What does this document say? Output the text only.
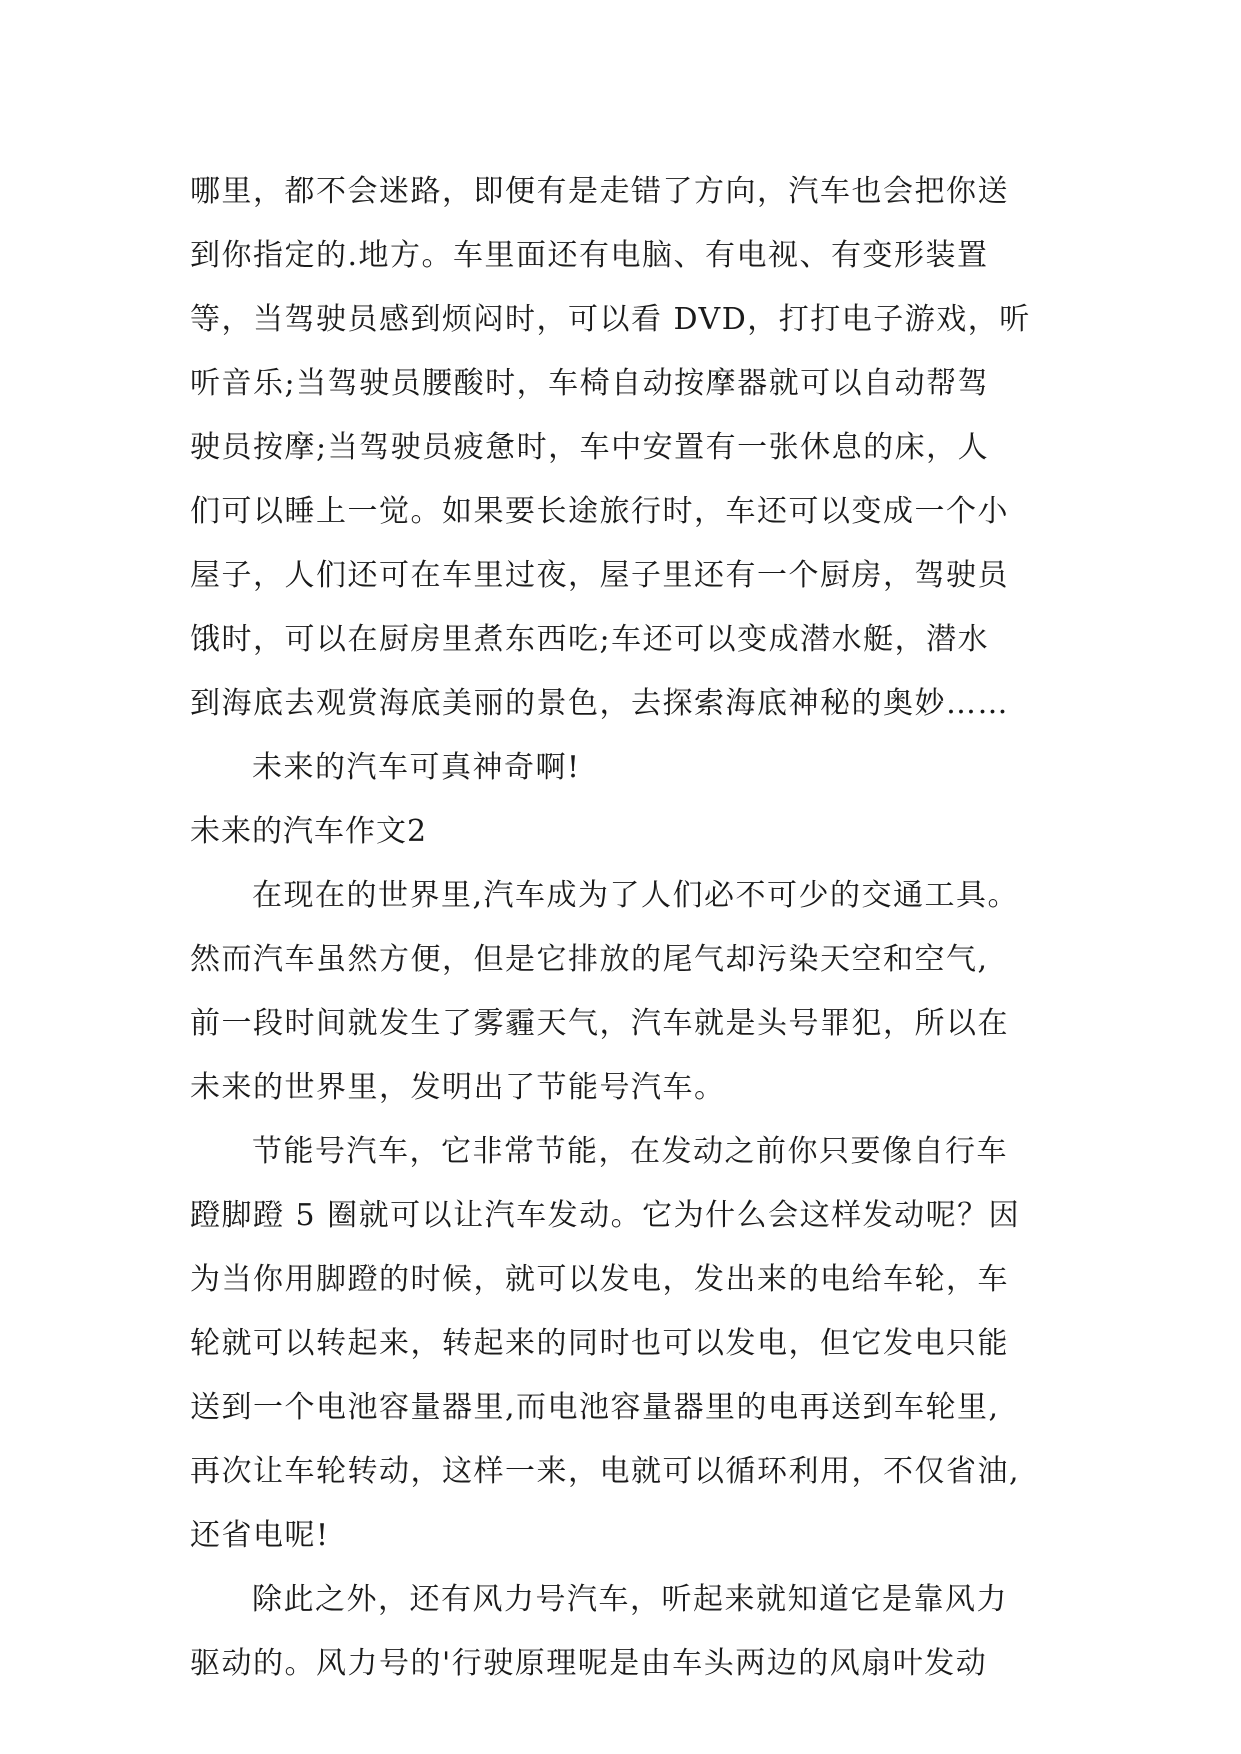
哪里，都不会迷路，即便有是走错了方向，汽车也会把你送
到你指定的.地方。车里面还有电脑、有电视、有变形装置
等，当驾驶员感到烦闷时，可以看 DVD，打打电子游戏，听
听音乐;当驾驶员腰酸时，车椅自动按摩器就可以自动帮驾
驶员按摩;当驾驶员疲惫时，车中安置有一张休息的床，人
们可以睡上一觉。如果要长途旅行时，车还可以变成一个小
屋子，人们还可在车里过夜，屋子里还有一个厨房，驾驶员
饿时，可以在厨房里煮东西吃;车还可以变成潜水艇，潜水
到海底去观赏海底美丽的景色，去探索海底神秘的奥妙……
未来的汽车可真神奇啊!
未来的汽车作文2
在现在的世界里,汽车成为了人们必不可少的交通工具。
然而汽车虽然方便，但是它排放的尾气却污染天空和空气,
前一段时间就发生了雾霾天气，汽车就是头号罪犯，所以在
未来的世界里，发明出了节能号汽车。
节能号汽车，它非常节能，在发动之前你只要像自行车
蹬脚蹬 5 圈就可以让汽车发动。它为什么会这样发动呢？因
为当你用脚蹬的时候，就可以发电，发出来的电给车轮，车
轮就可以转起来，转起来的同时也可以发电，但它发电只能
送到一个电池容量器里,而电池容量器里的电再送到车轮里,
再次让车轮转动，这样一来，电就可以循环利用，不仅省油,
还省电呢!
除此之外，还有风力号汽车，听起来就知道它是靠风力
驱动的。风力号的'行驶原理呢是由车头两边的风扇叶发动
